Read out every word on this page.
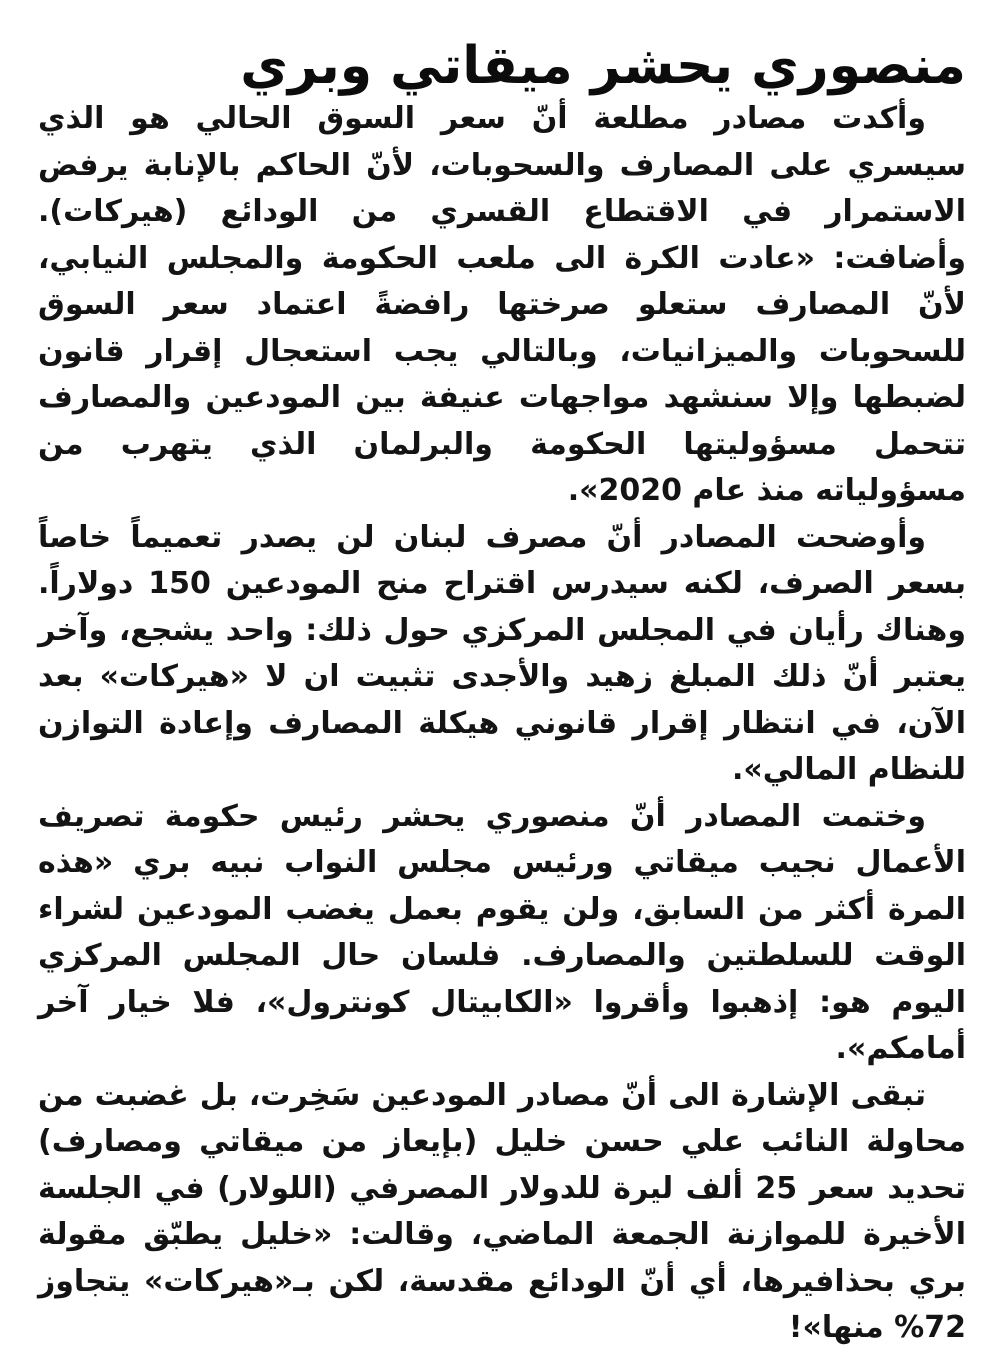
منصوري يحشر ميقاتي وبري

وأكدت مصادر مطلعة أنّ سعر السوق الحالي هو الذي سيسري على المصارف والسحوبات، لأنّ الحاكم بالإنابة يرفض الاستمرار في الاقتطاع القسري من الودائع (هيركات). وأضافت: «عادت الكرة الى ملعب الحكومة والمجلس النيابي، لأنّ المصارف ستعلو صرختها رافضةً اعتماد سعر السوق للسحوبات والميزانيات، وبالتالي يجب استعجال إقرار قانون لضبطها وإلا سنشهد مواجهات عنيفة بين المودعين والمصارف تتحمل مسؤوليتها الحكومة والبرلمان الذي يتهرب من مسؤولياته منذ عام 2020».

وأوضحت المصادر أنّ مصرف لبنان لن يصدر تعميماً خاصاً بسعر الصرف، لكنه سيدرس اقتراح منح المودعين 150 دولاراً. وهناك رأيان في المجلس المركزي حول ذلك: واحد يشجع، وآخر يعتبر أنّ ذلك المبلغ زهيد والأجدى تثبيت ان لا «هيركات» بعد الآن، في انتظار إقرار قانوني هيكلة المصارف وإعادة التوازن للنظام المالي».

وختمت المصادر أنّ منصوري يحشر رئيس حكومة تصريف الأعمال نجيب ميقاتي ورئيس مجلس النواب نبيه بري «هذه المرة أكثر من السابق، ولن يقوم بعمل يغضب المودعين لشراء الوقت للسلطتين والمصارف. فلسان حال المجلس المركزي اليوم هو: إذهبوا وأقروا «الكابيتال كونترول»، فلا خيار آخر أمامكم».

تبقى الإشارة الى أنّ مصادر المودعين سَخِرت، بل غضبت من محاولة النائب علي حسن خليل (بإيعاز من ميقاتي ومصارف) تحديد سعر 25 ألف ليرة للدولار المصرفي (اللولار) في الجلسة الأخيرة للموازنة الجمعة الماضي، وقالت: «خليل يطبّق مقولة بري بحذافيرها، أي أنّ الودائع مقدسة، لكن بـ«هيركات» يتجاوز 72% منها»!
